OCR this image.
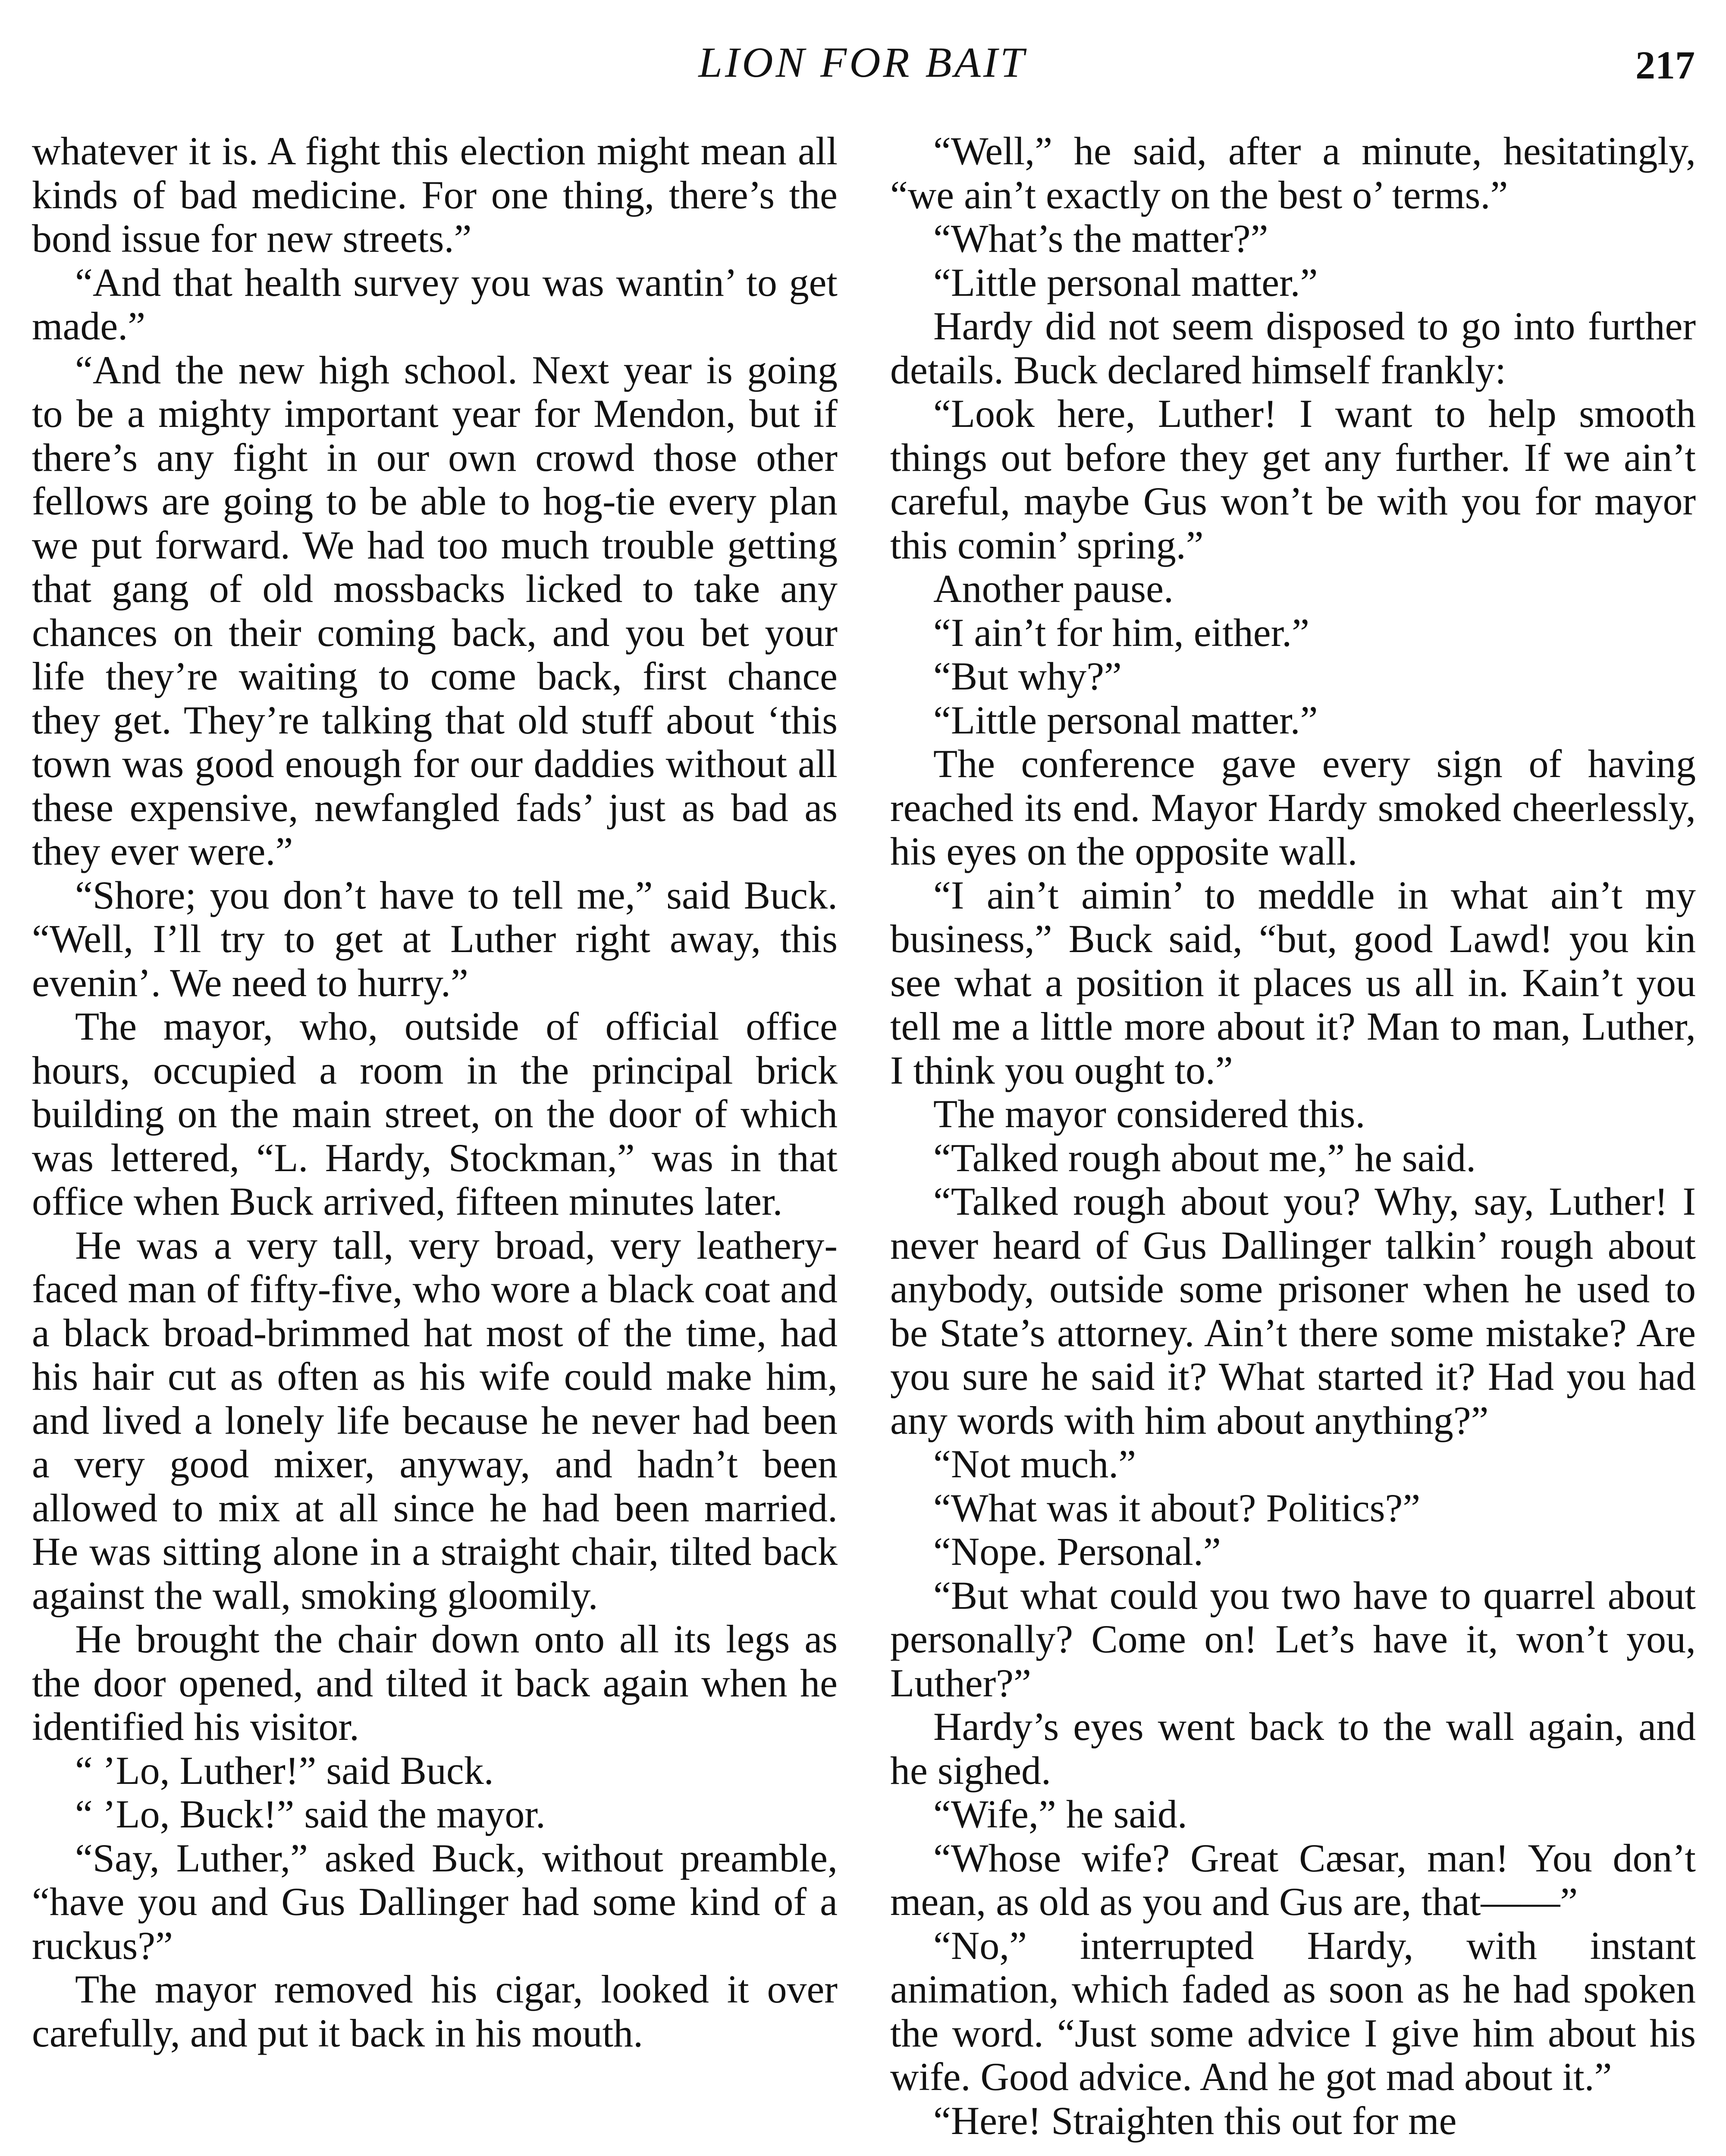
LION FOR BAIT	217

whatever it is. A fight this election might mean all kinds of bad medicine. For one thing, there’s the bond issue for new streets.”

“And that health survey you was wantin’ to get made.”

“And the new high school. Next year is going to be a mighty important year for Mendon, but if there’s any fight in our own crowd those other fellows are going to be able to hog-tie every plan we put forward. We had too much trouble getting that gang of old mossbacks licked to take any chances on their coming back, and you bet your life they’re waiting to come back, first chance they get. They’re talking that old stuff about ‘this town was good enough for our daddies without all these expensive, newfangled fads’ just as bad as they ever were.”

“Shore; you don’t have to tell me,” said Buck. “Well, I’ll try to get at Luther right away, this evenin’. We need to hurry.”

The mayor, who, outside of official office hours, occupied a room in the principal brick building on the main street, on the door of which was lettered, “L. Hardy, Stockman,” was in that office when Buck arrived, fifteen minutes later.

He was a very tall, very broad, very leathery-faced man of fifty-five, who wore a black coat and a black broad-brimmed hat most of the time, had his hair cut as often as his wife could make him, and lived a lonely life because he never had been a very good mixer, anyway, and hadn’t been allowed to mix at all since he had been married. He was sitting alone in a straight chair, tilted back against the wall, smoking gloomily.

He brought the chair down onto all its legs as the door opened, and tilted it back again when he identified his visitor.

“ ’Lo, Luther!” said Buck.

“ ’Lo, Buck!” said the mayor.

“Say, Luther,” asked Buck, without preamble, “have you and Gus Dallinger had some kind of a ruckus?”

The mayor removed his cigar, looked it over carefully, and put it back in his mouth.

“Well,” he said, after a minute, hesitatingly, “we ain’t exactly on the best o’ terms.”

“What’s the matter?”

“Little personal matter.”

Hardy did not seem disposed to go into further details. Buck declared himself frankly:

“Look here, Luther! I want to help smooth things out before they get any further. If we ain’t careful, maybe Gus won’t be with you for mayor this comin’ spring.”

Another pause.

“I ain’t for him, either.”

“But why?”

“Little personal matter.”

The conference gave every sign of having reached its end. Mayor Hardy smoked cheerlessly, his eyes on the opposite wall.

“I ain’t aimin’ to meddle in what ain’t my business,” Buck said, “but, good Lawd! you kin see what a position it places us all in. Kain’t you tell me a little more about it? Man to man, Luther, I think you ought to.”

The mayor considered this.

“Talked rough about me,” he said.

“Talked rough about you? Why, say, Luther! I never heard of Gus Dallinger talkin’ rough about anybody, outside some prisoner when he used to be State’s attorney. Ain’t there some mistake? Are you sure he said it? What started it? Had you had any words with him about anything?”

“Not much.”

“What was it about? Politics?”

“Nope. Personal.”

“But what could you two have to quarrel about personally? Come on! Let’s have it, won’t you, Luther?”

Hardy’s eyes went back to the wall again, and he sighed.

“Wife,” he said.

“Whose wife? Great Cæsar, man! You don’t mean, as old as you and Gus are, that——”

“No,” interrupted Hardy, with instant animation, which faded as soon as he had spoken the word. “Just some advice I give him about his wife. Good advice. And he got mad about it.”

“Here! Straighten this out for me
